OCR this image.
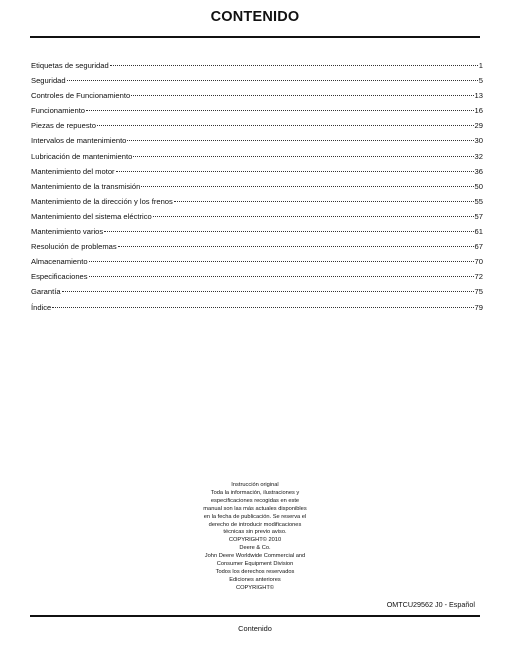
CONTENIDO
Etiquetas de seguridad	1
Seguridad	5
Controles de Funcionamiento	13
Funcionamiento	16
Piezas de repuesto	29
Intervalos de mantenimiento	30
Lubricación de mantenimiento	32
Mantenimiento del motor	36
Mantenimiento de la transmisión	50
Mantenimiento de la dirección y los frenos	55
Mantenimiento del sistema eléctrico	57
Mantenimiento varios	61
Resolución de problemas	67
Almacenamiento	70
Especificaciones	72
Garantía	75
Índice	79
Instrucción original
Toda la información, ilustraciones y
especificaciones recogidas en este
manual son las más actuales disponibles
en la fecha de publicación. Se reserva el
derecho de introducir modificaciones
técnicas sin previo aviso.
COPYRIGHT© 2010
Deere & Co.
John Deere Worldwide Commercial and
Consumer Equipment Division
Todos los derechos reservados
Ediciones anteriores
COPYRIGHT©
OMTCU29562 J0 - Español
Contenido
